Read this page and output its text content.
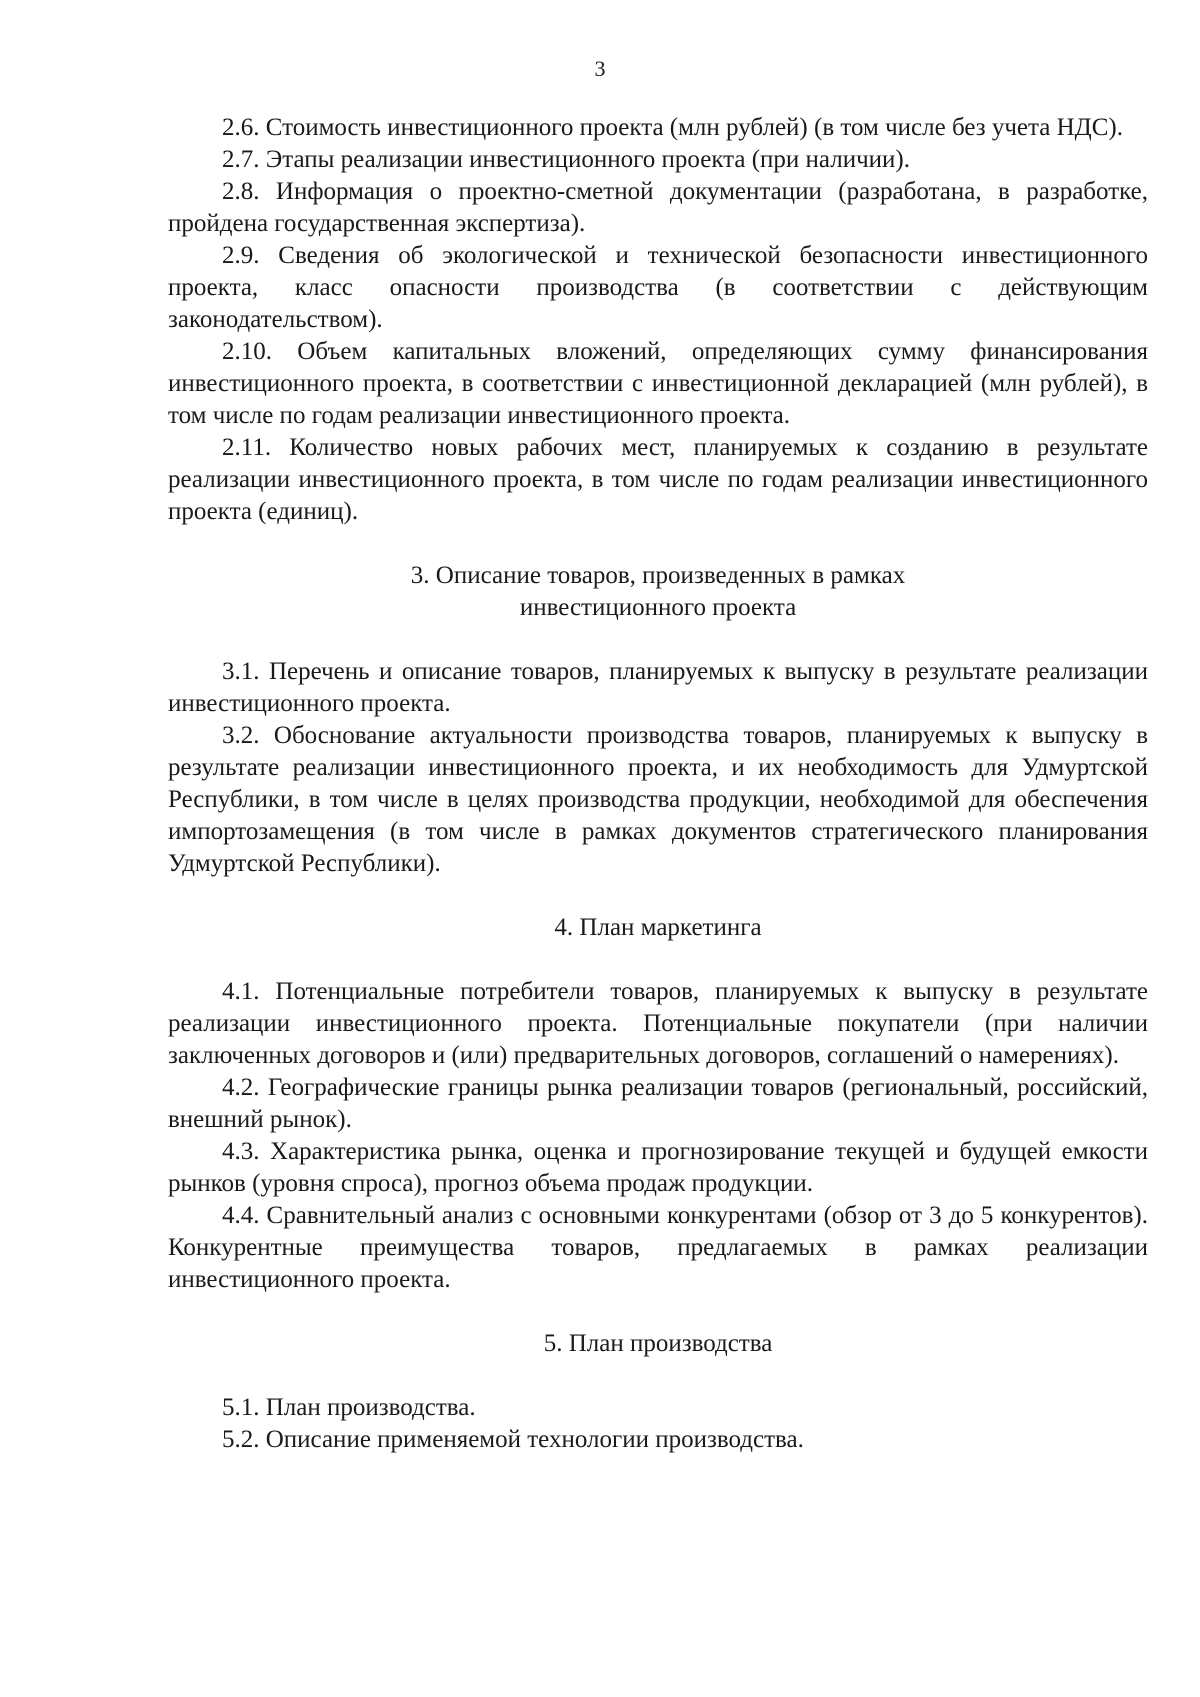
3

2.6. Стоимость инвестиционного проекта (млн рублей) (в том числе без учета НДС).

2.7. Этапы реализации инвестиционного проекта (при наличии).

2.8. Информация о проектно-сметной документации (разработана, в разработке, пройдена государственная экспертиза).

2.9. Сведения об экологической и технической безопасности инвестиционного проекта, класс опасности производства (в соответствии с действующим законодательством).

2.10. Объем капитальных вложений, определяющих сумму финансирования инвестиционного проекта, в соответствии с инвестиционной декларацией (млн рублей), в том числе по годам реализации инвестиционного проекта.

2.11. Количество новых рабочих мест, планируемых к созданию в результате реализации инвестиционного проекта, в том числе по годам реализации инвестиционного проекта (единиц).

3. Описание товаров, произведенных в рамках
инвестиционного проекта

3.1. Перечень и описание товаров, планируемых к выпуску в результате реализации инвестиционного проекта.

3.2. Обоснование актуальности производства товаров, планируемых к выпуску в результате реализации инвестиционного проекта, и их необходимость для Удмуртской Республики, в том числе в целях производства продукции, необходимой для обеспечения импортозамещения (в том числе в рамках документов стратегического планирования Удмуртской Республики).

4. План маркетинга

4.1. Потенциальные потребители товаров, планируемых к выпуску в результате реализации инвестиционного проекта. Потенциальные покупатели (при наличии заключенных договоров и (или) предварительных договоров, соглашений о намерениях).

4.2. Географические границы рынка реализации товаров (региональный, российский, внешний рынок).

4.3. Характеристика рынка, оценка и прогнозирование текущей и будущей емкости рынков (уровня спроса), прогноз объема продаж продукции.

4.4. Сравнительный анализ с основными конкурентами (обзор от 3 до 5 конкурентов). Конкурентные преимущества товаров, предлагаемых в рамках реализации инвестиционного проекта.

5. План производства

5.1. План производства.

5.2. Описание применяемой технологии производства.
